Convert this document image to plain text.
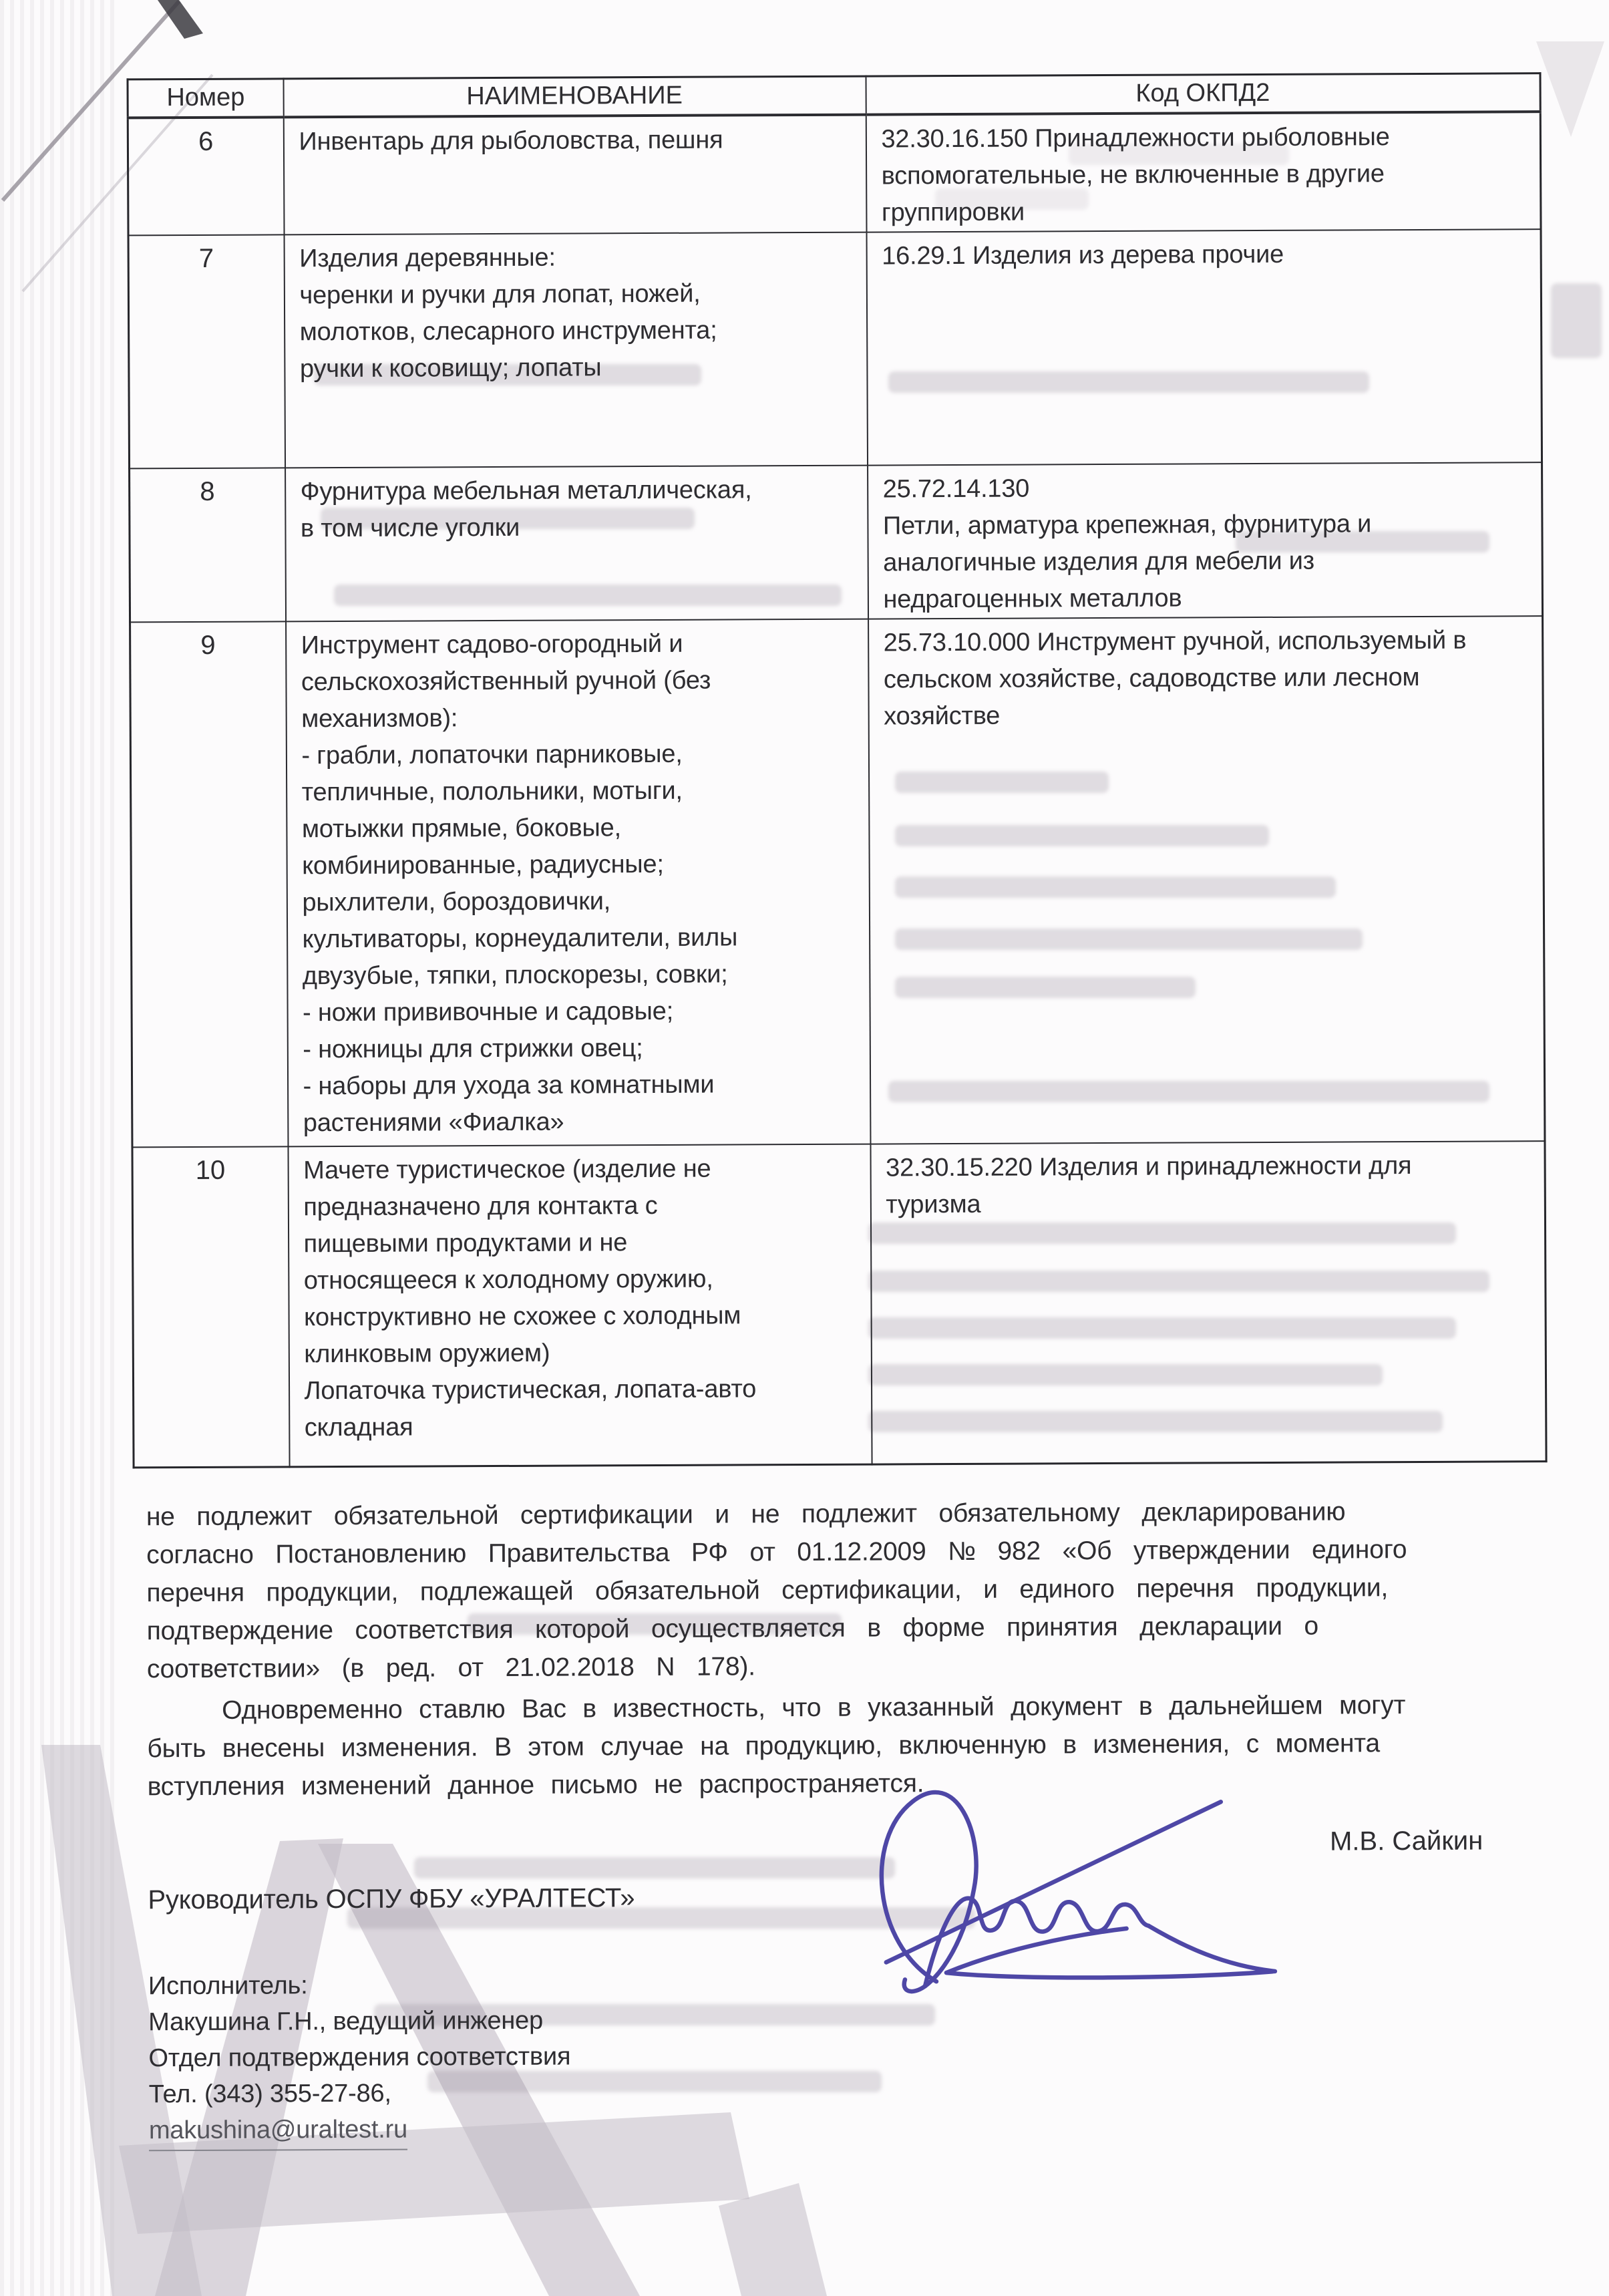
Номер	НАИМЕНОВАНИЕ	Код ОКПД2
6	Инвентарь для рыболовства, пешня	32.30.16.150 Принадлежности рыболовные
вспомогательные, не включенные в другие
группировки
7	Изделия деревянные:
черенки и ручки для лопат, ножей,
молотков, слесарного инструмента;
ручки к косовищу; лопаты	16.29.1 Изделия из дерева прочие
8	Фурнитура мебельная металлическая,
в том числе уголки	25.72.14.130
Петли, арматура крепежная, фурнитура и
аналогичные изделия для мебели из
недрагоценных металлов
9	Инструмент садово-огородный и
сельскохозяйственный ручной (без
механизмов):
- грабли, лопаточки парниковые,
тепличные, полольники, мотыги,
мотыжки прямые, боковые,
комбинированные, радиусные;
рыхлители, бороздовички,
культиваторы, корнеудалители, вилы
двузубые, тяпки, плоскорезы, совки;
- ножи прививочные и садовые;
- ножницы для стрижки овец;
- наборы для ухода за комнатными
растениями «Фиалка»	25.73.10.000 Инструмент ручной, используемый в
сельском хозяйстве, садоводстве или лесном
хозяйстве
10	Мачете туристическое (изделие не
предназначено для контакта с
пищевыми продуктами и не
относящееся к холодному оружию,
конструктивно не схожее с холодным
клинковым оружием)
Лопаточка туристическая, лопата-авто
складная	32.30.15.220 Изделия и принадлежности для
туризма

не подлежит обязательной сертификации и не подлежит обязательному декларированию
согласно Постановлению Правительства РФ от 01.12.2009 № 982 «Об утверждении единого
перечня продукции, подлежащей обязательной сертификации, и единого перечня продукции,
подтверждение соответствия которой осуществляется в форме принятия декларации о
соответствии» (в ред. от 21.02.2018 N 178).

Одновременно ставлю Вас в известность, что в указанный документ в дальнейшем могут
быть внесены изменения. В этом случае на продукцию, включенную в изменения, с момента
вступления изменений данное письмо не распространяется.

М.В. Сайкин
Руководитель ОСПУ ФБУ «УРАЛТЕСТ»
Исполнитель:
Макушина Г.Н., ведущий инженер
Отдел подтверждения соответствия
Тел. (343) 355-27-86,
makushina@uraltest.ru
